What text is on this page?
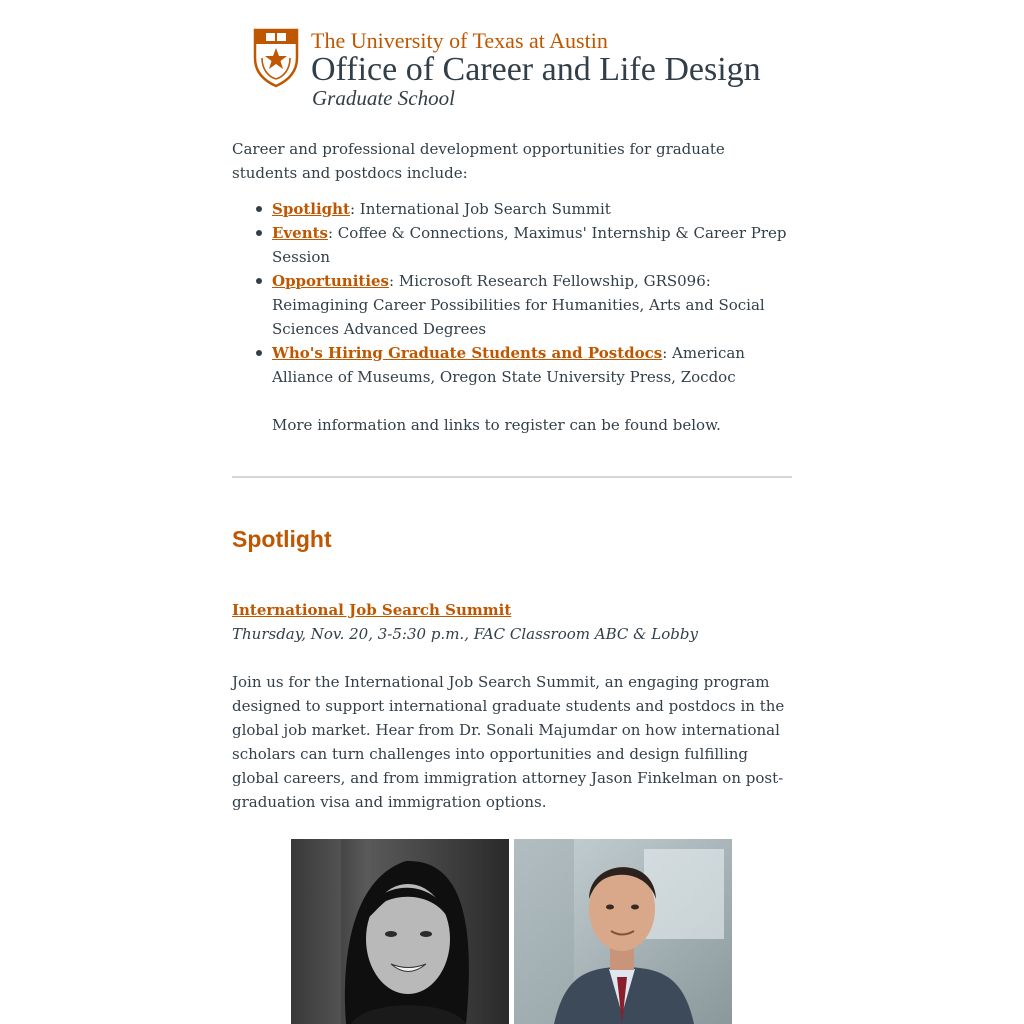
The University of Texas at Austin
Office of Career and Life Design
Graduate School

Career and professional development opportunities for graduate students and postdocs include:

Spotlight: International Job Search Summit
Events: Coffee & Connections, Maximus' Internship & Career Prep Session
Opportunities: Microsoft Research Fellowship, GRS096: Reimagining Career Possibilities for Humanities, Arts and Social Sciences Advanced Degrees
Who's Hiring Graduate Students and Postdocs: American Alliance of Museums, Oregon State University Press, Zocdoc

More information and links to register can be found below.

Spotlight

International Job Search Summit

Thursday, Nov. 20, 3-5:30 p.m., FAC Classroom ABC & Lobby

Join us for the International Job Search Summit, an engaging program designed to support international graduate students and postdocs in the global job market. Hear from Dr. Sonali Majumdar on how international scholars can turn challenges into opportunities and design fulfilling global careers, and from immigration attorney Jason Finkelman on post-graduation visa and immigration options.
